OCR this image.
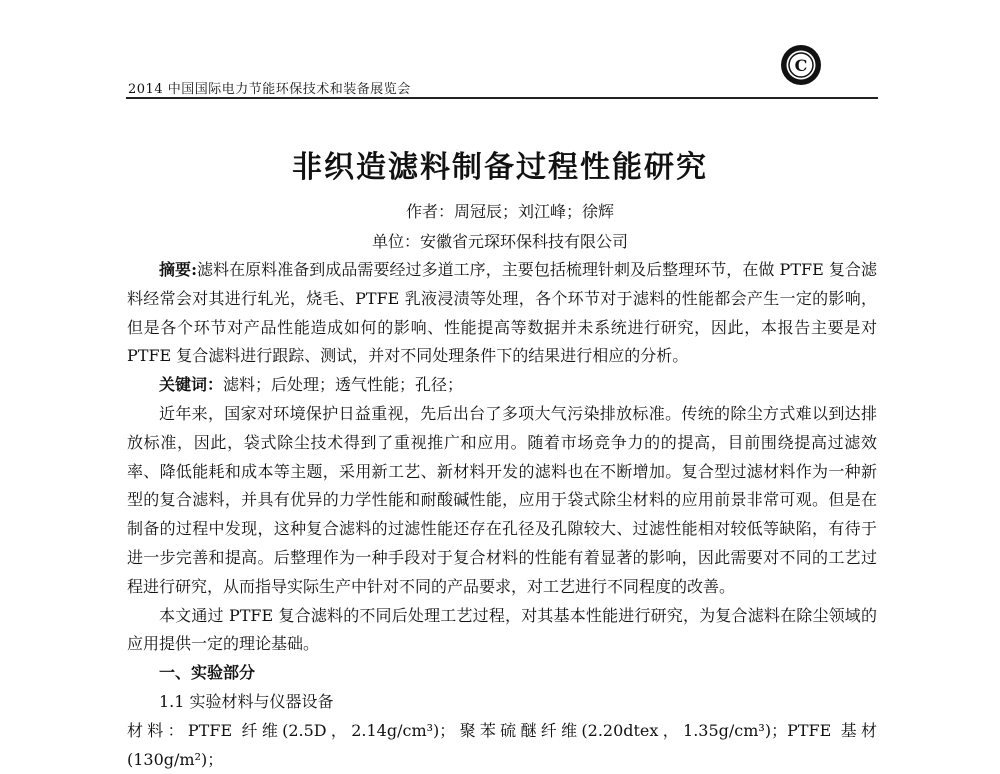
2014 中国国际电力节能环保技术和装备展览会
C
非织造滤料制备过程性能研究
作者：周冠辰；刘江峰；徐辉
单位：安徽省元琛环保科技有限公司

摘要:滤料在原料准备到成品需要经过多道工序，主要包括梳理针刺及后整理环节，在做 PTFE 复合滤料经常会对其进行轧光，烧毛、PTFE 乳液浸渍等处理，各个环节对于滤料的性能都会产生一定的影响，但是各个环节对产品性能造成如何的影响、性能提高等数据并未系统进行研究，因此，本报告主要是对 PTFE 复合滤料进行跟踪、测试，并对不同处理条件下的结果进行相应的分析。

关键词：滤料；后处理；透气性能；孔径；

近年来，国家对环境保护日益重视，先后出台了多项大气污染排放标准。传统的除尘方式难以到达排放标准，因此，袋式除尘技术得到了重视推广和应用。随着市场竞争力的的提高，目前围绕提高过滤效率、降低能耗和成本等主题，采用新工艺、新材料开发的滤料也在不断增加。复合型过滤材料作为一种新型的复合滤料，并具有优异的力学性能和耐酸碱性能，应用于袋式除尘材料的应用前景非常可观。但是在制备的过程中发现，这种复合滤料的过滤性能还存在孔径及孔隙较大、过滤性能相对较低等缺陷，有待于进一步完善和提高。后整理作为一种手段对于复合材料的性能有着显著的影响，因此需要对不同的工艺过程进行研究，从而指导实际生产中针对不同的产品要求，对工艺进行不同程度的改善。

本文通过 PTFE 复合滤料的不同后处理工艺过程，对其基本性能进行研究，为复合滤料在除尘领域的应用提供一定的理论基础。

一、实验部分

1.1 实验材料与仪器设备

材料：PTFE 纤维(2.5D，2.14g/cm³)；聚苯硫醚纤维(2.20dtex，1.35g/cm³)；PTFE 基材(130g/m²)；
